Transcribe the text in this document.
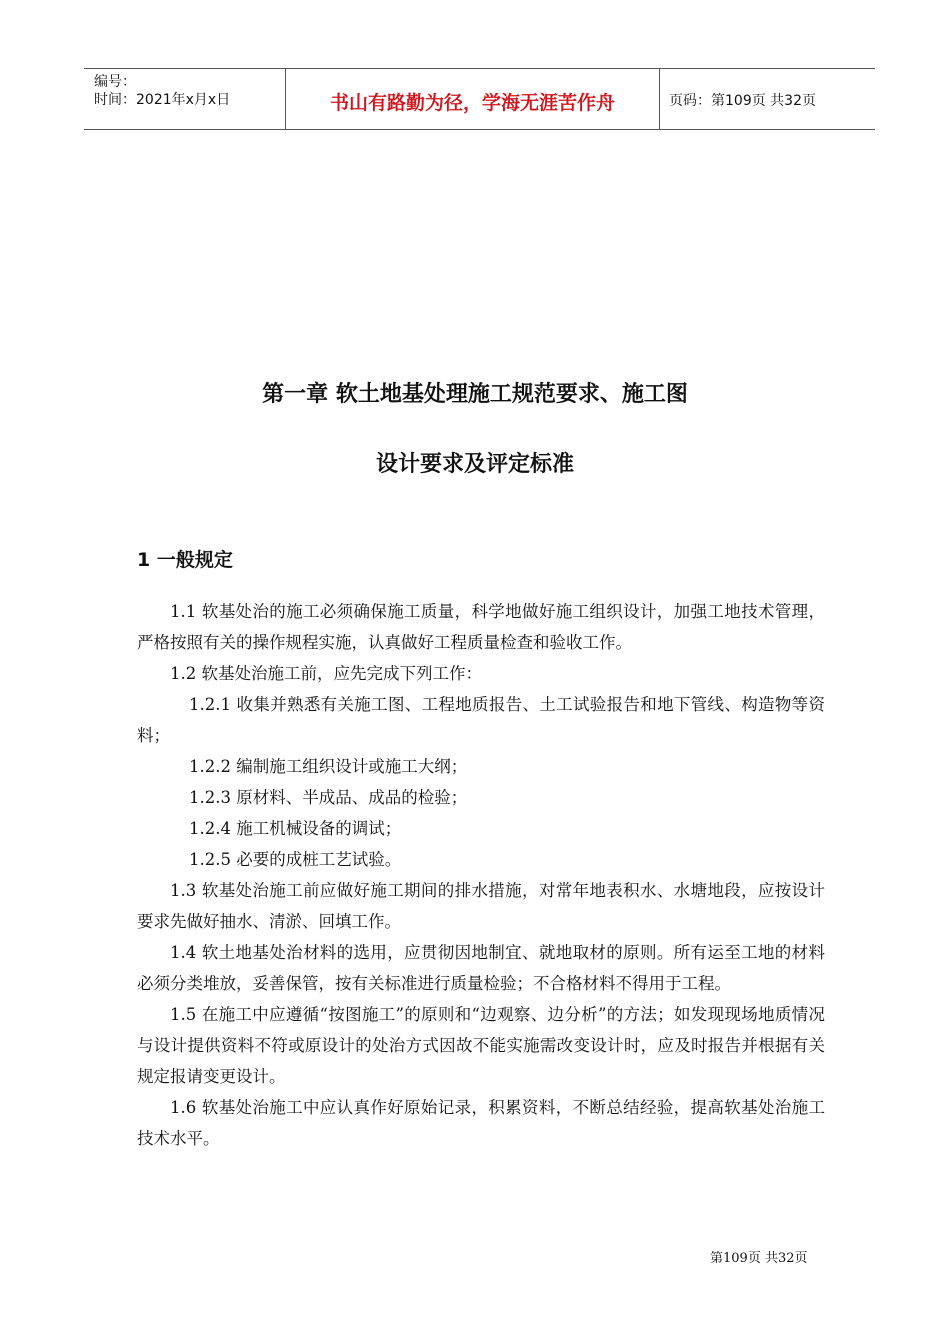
编号：
时间：2021年x月x日	书山有路勤为径，学海无涯苦作舟	页码：第109页 共32页
第一章 软土地基处理施工规范要求、施工图
设计要求及评定标准
1 一般规定

1.1 软基处治的施工必须确保施工质量，科学地做好施工组织设计，加强工地技术管理，严格按照有关的操作规程实施，认真做好工程质量检查和验收工作。

1.2 软基处治施工前，应先完成下列工作：

1.2.1 收集并熟悉有关施工图、工程地质报告、土工试验报告和地下管线、构造物等资料；

1.2.2 编制施工组织设计或施工大纲；

1.2.3 原材料、半成品、成品的检验；

1.2.4 施工机械设备的调试；

1.2.5 必要的成桩工艺试验。

1.3 软基处治施工前应做好施工期间的排水措施，对常年地表积水、水塘地段，应按设计要求先做好抽水、清淤、回填工作。

1.4 软土地基处治材料的选用，应贯彻因地制宜、就地取材的原则。所有运至工地的材料必须分类堆放，妥善保管，按有关标准进行质量检验；不合格材料不得用于工程。

1.5 在施工中应遵循“按图施工”的原则和“边观察、边分析”的方法；如发现现场地质情况与设计提供资料不符或原设计的处治方式因故不能实施需改变设计时，应及时报告并根据有关规定报请变更设计。

1.6 软基处治施工中应认真作好原始记录，积累资料，不断总结经验，提高软基处治施工技术水平。

第109页 共32页
